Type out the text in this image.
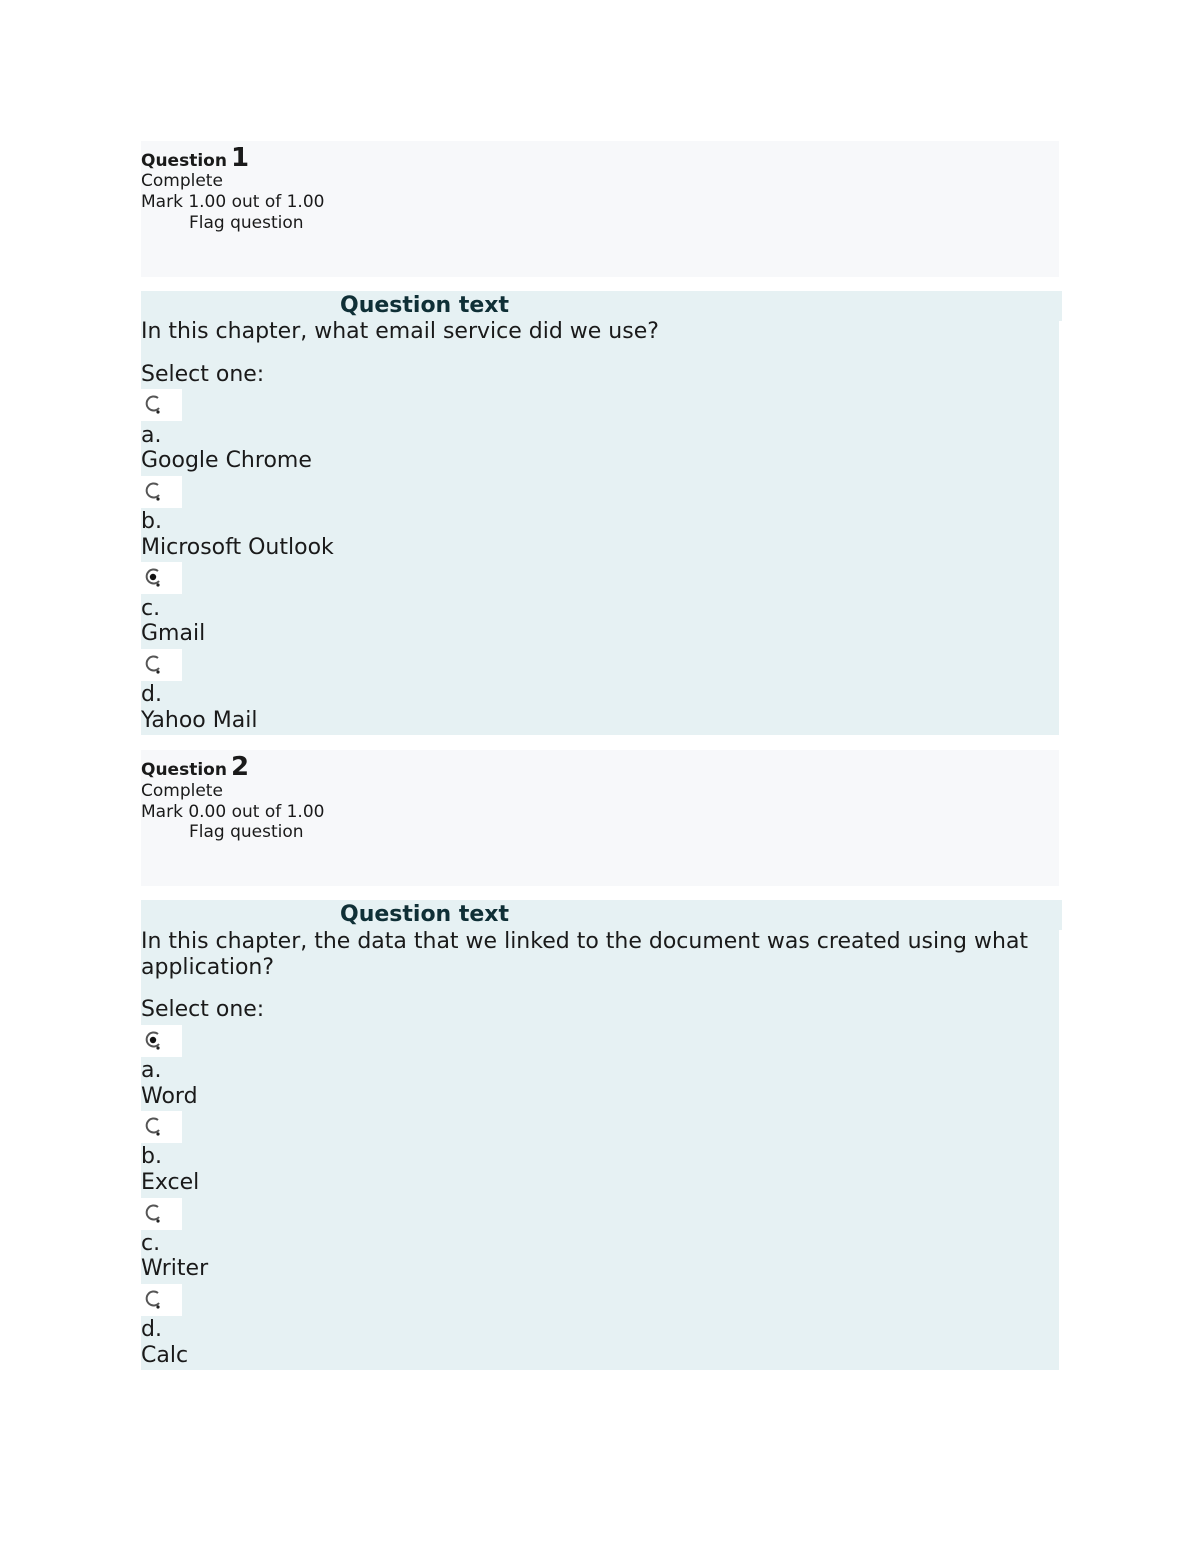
Question 1
Complete
Mark 1.00 out of 1.00
Flag question
Question text
In this chapter, what email service did we use?
Select one:
a.
Google Chrome
b.
Microsoft Outlook
c.
Gmail
d.
Yahoo Mail
Question 2
Complete
Mark 0.00 out of 1.00
Flag question
Question text
In this chapter, the data that we linked to the document was created using what
application?
Select one:
a.
Word
b.
Excel
c.
Writer
d.
Calc
